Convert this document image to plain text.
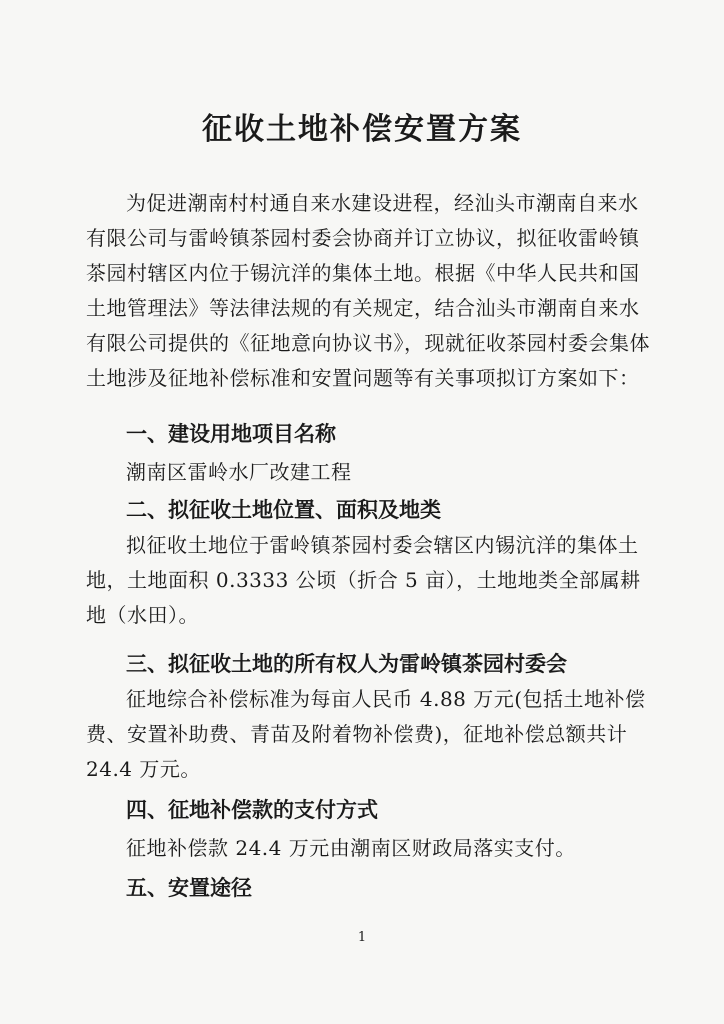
征收土地补偿安置方案
为促进潮南村村通自来水建设进程，经汕头市潮南自来水有限公司与雷岭镇茶园村委会协商并订立协议，拟征收雷岭镇茶园村辖区内位于锡沆洋的集体土地。根据《中华人民共和国土地管理法》等法律法规的有关规定，结合汕头市潮南自来水有限公司提供的《征地意向协议书》，现就征收茶园村委会集体土地涉及征地补偿标准和安置问题等有关事项拟订方案如下：
一、建设用地项目名称
潮南区雷岭水厂改建工程
二、拟征收土地位置、面积及地类
拟征收土地位于雷岭镇茶园村委会辖区内锡沆洋的集体土地，土地面积 0.3333 公顷（折合 5 亩），土地地类全部属耕地（水田）。
三、拟征收土地的所有权人为雷岭镇茶园村委会
征地综合补偿标准为每亩人民币 4.88 万元(包括土地补偿费、安置补助费、青苗及附着物补偿费)，征地补偿总额共计 24.4 万元。
四、征地补偿款的支付方式
征地补偿款 24.4 万元由潮南区财政局落实支付。
五、安置途径
1
